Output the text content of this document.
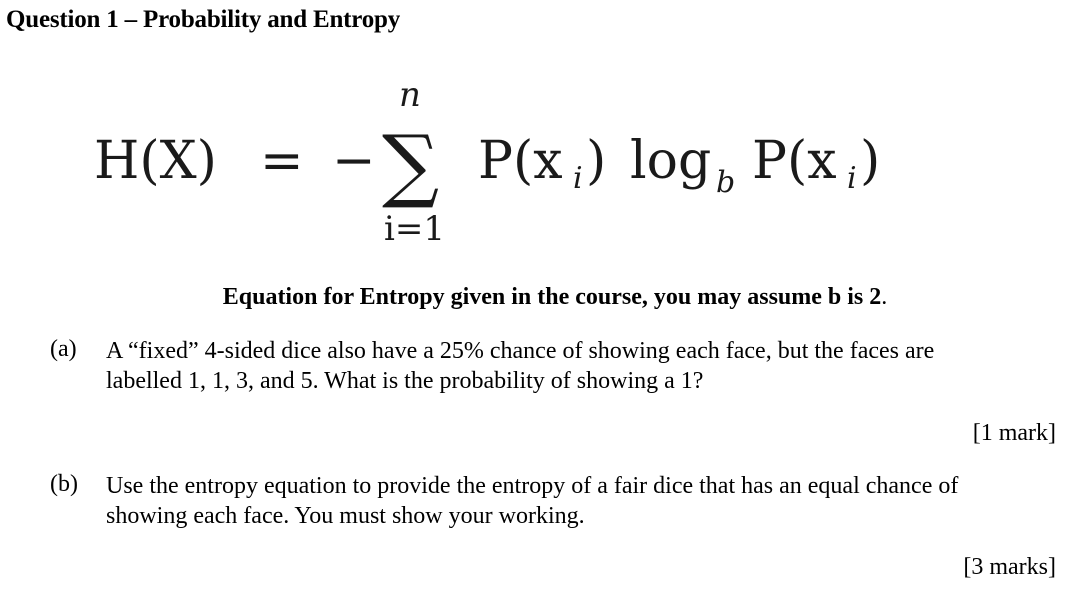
Question 1 – Probability and Entropy
H(X) = −
n
∑
i=1
P(x i ) log b P(x i )
Equation for Entropy given in the course, you may assume b is 2.
(a) A “fixed” 4-sided dice also have a 25% chance of showing each face, but the faces are
labelled 1, 1, 3, and 5. What is the probability of showing a 1?
[1 mark]
(b) Use the entropy equation to provide the entropy of a fair dice that has an equal chance of
showing each face. You must show your working.
[3 marks]
